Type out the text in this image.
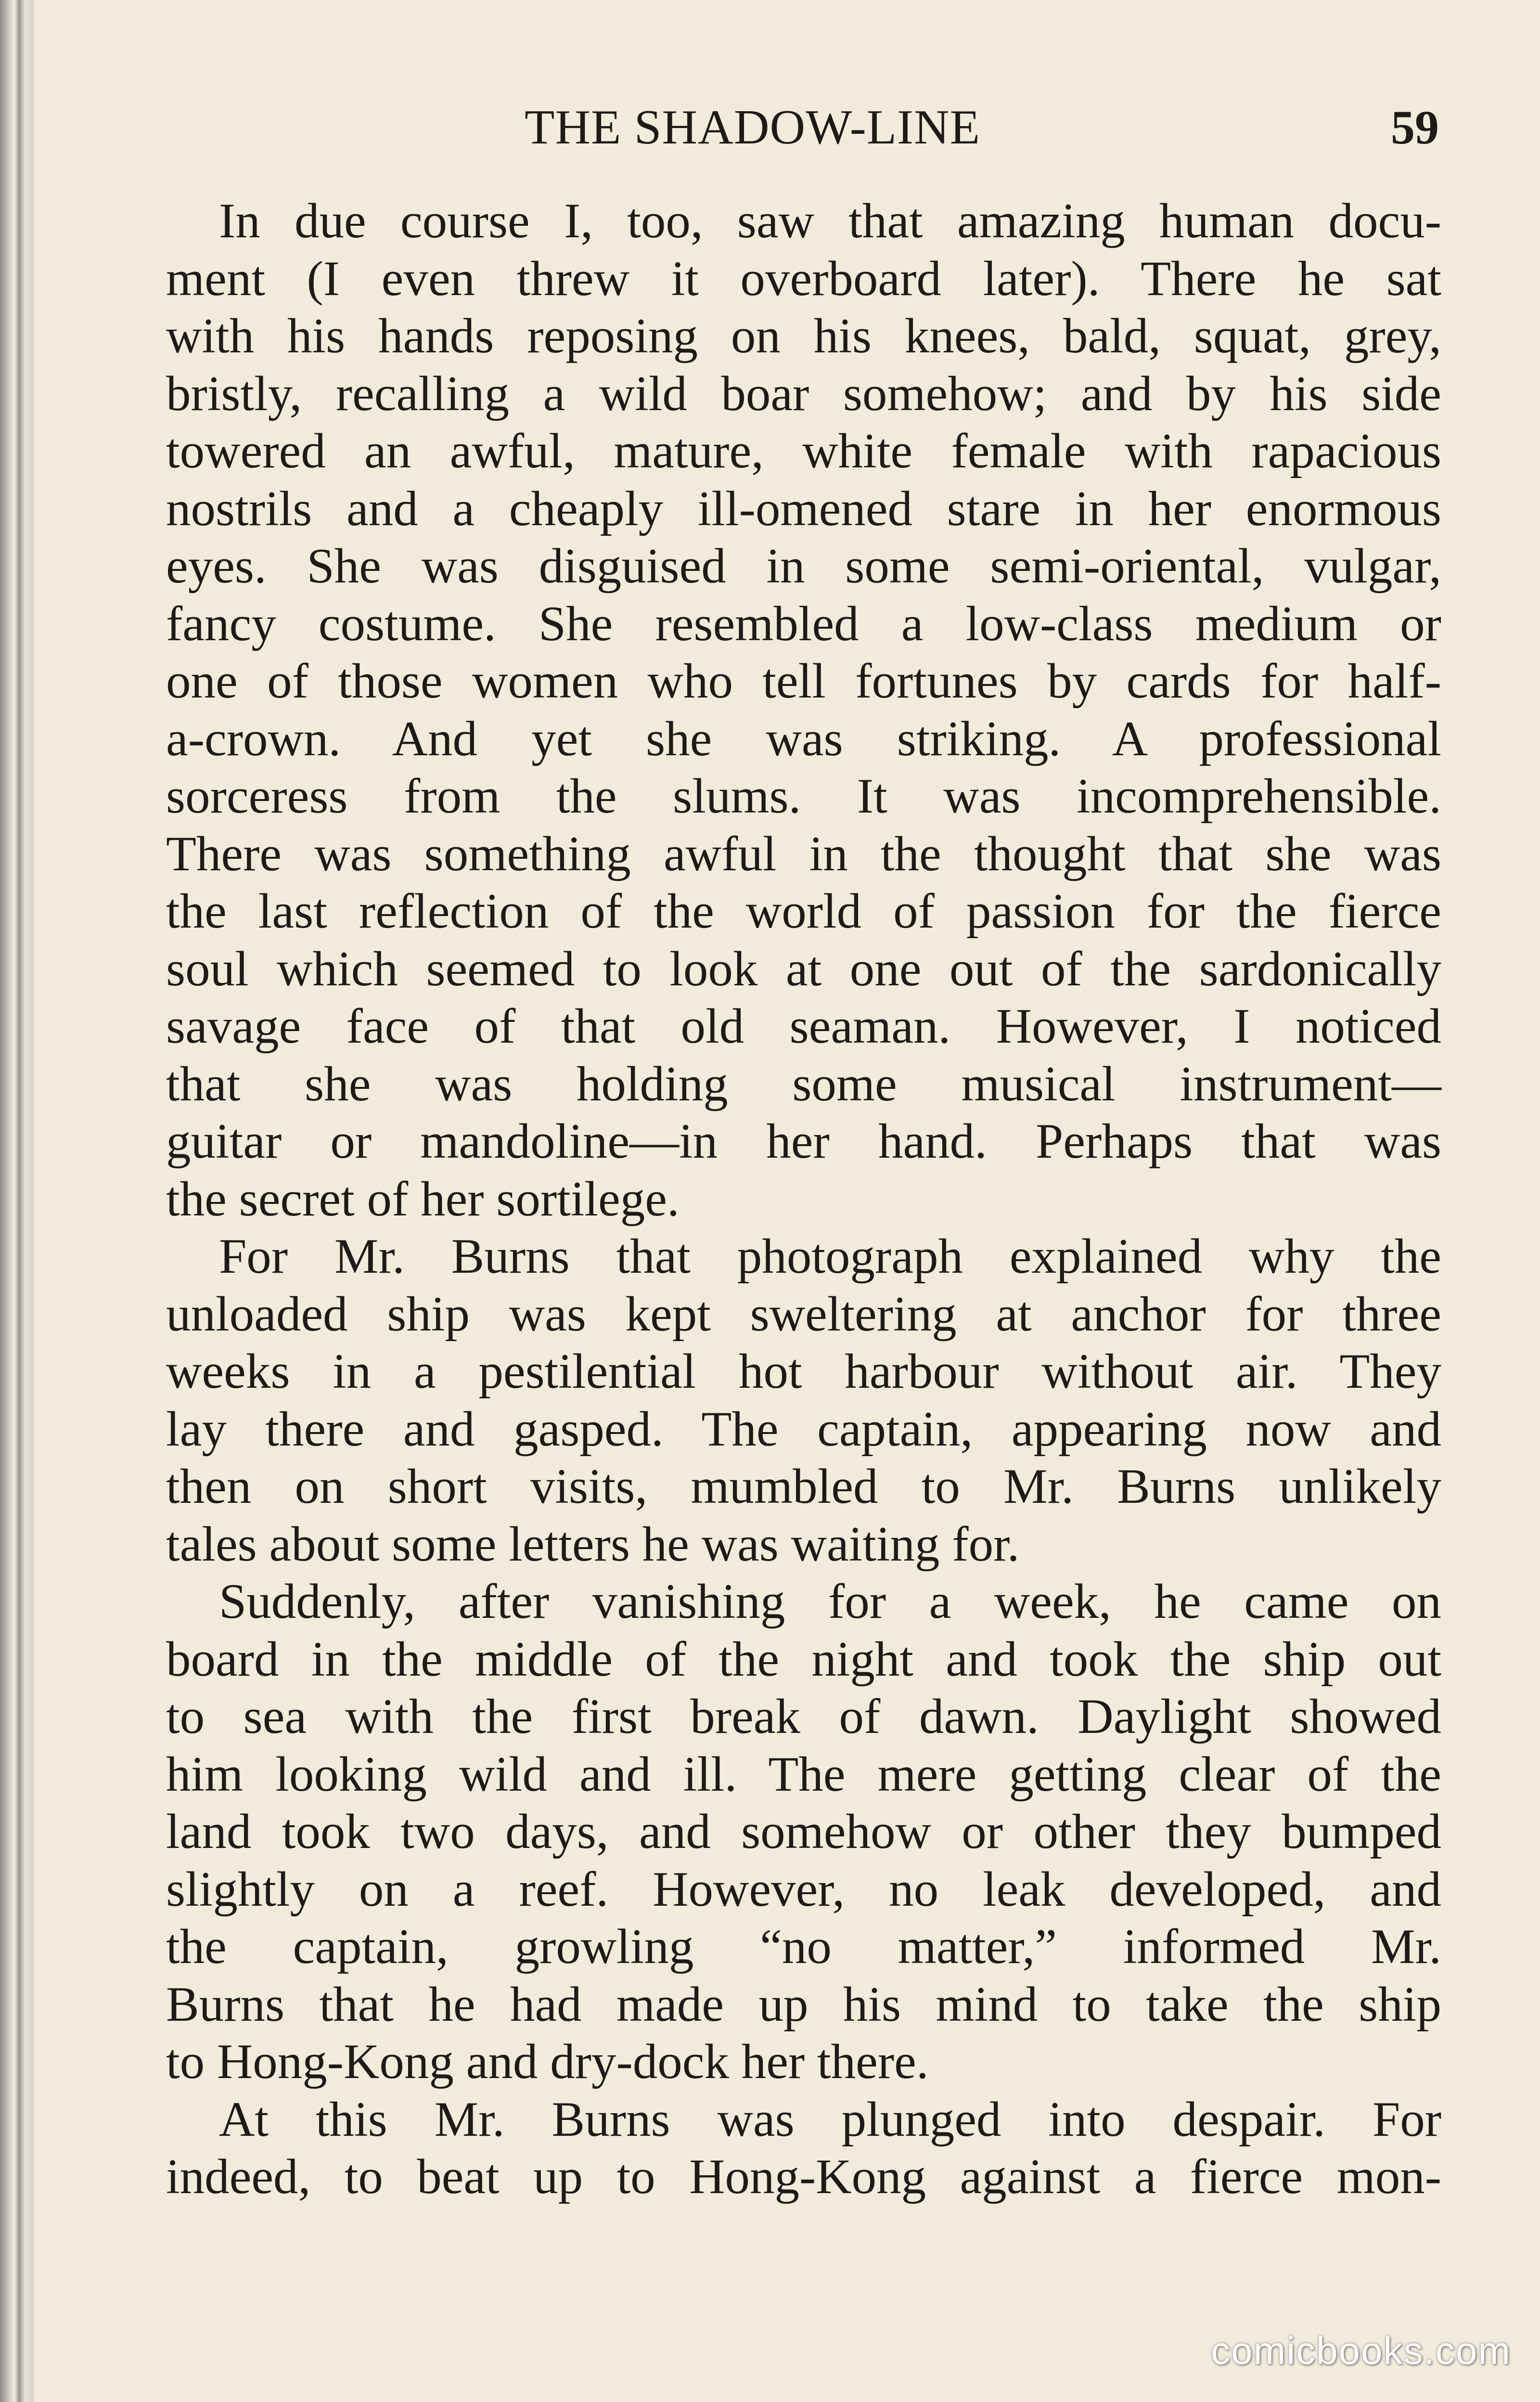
THE SHADOW-LINE	59
In due course I, too, saw that amazing human docu-
ment (I even threw it overboard later). There he sat
with his hands reposing on his knees, bald, squat, grey,
bristly, recalling a wild boar somehow; and by his side
towered an awful, mature, white female with rapacious
nostrils and a cheaply ill-omened stare in her enormous
eyes. She was disguised in some semi-oriental, vulgar,
fancy costume. She resembled a low-class medium or
one of those women who tell fortunes by cards for half-
a-crown. And yet she was striking. A professional
sorceress from the slums. It was incomprehensible.
There was something awful in the thought that she was
the last reflection of the world of passion for the fierce
soul which seemed to look at one out of the sardonically
savage face of that old seaman. However, I noticed
that she was holding some musical instrument—
guitar or mandoline—in her hand. Perhaps that was
the secret of her sortilege.
For Mr. Burns that photograph explained why the
unloaded ship was kept sweltering at anchor for three
weeks in a pestilential hot harbour without air. They
lay there and gasped. The captain, appearing now and
then on short visits, mumbled to Mr. Burns unlikely
tales about some letters he was waiting for.
Suddenly, after vanishing for a week, he came on
board in the middle of the night and took the ship out
to sea with the first break of dawn. Daylight showed
him looking wild and ill. The mere getting clear of the
land took two days, and somehow or other they bumped
slightly on a reef. However, no leak developed, and
the captain, growling “no matter,” informed Mr.
Burns that he had made up his mind to take the ship
to Hong-Kong and dry-dock her there.
At this Mr. Burns was plunged into despair. For
indeed, to beat up to Hong-Kong against a fierce mon-
comicbooks.com
